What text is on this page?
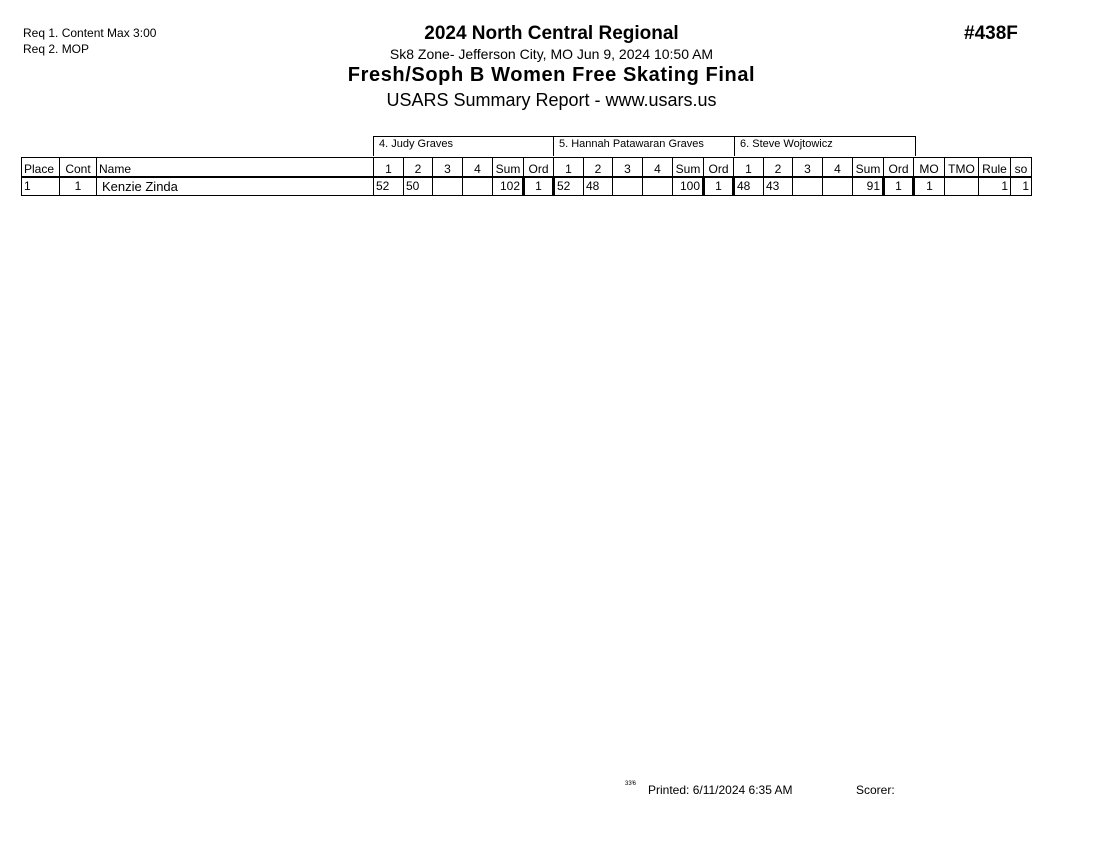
Req 1. Content Max 3:00
Req 2. MOP
2024 North Central Regional
Sk8 Zone- Jefferson City, MO Jun 9, 2024 10:50 AM
Fresh/Soph B Women Free Skating Final
USARS Summary Report - www.usars.us
#438F
4. Judy Graves	5. Hannah Patawaran Graves	6. Steve Wojtowicz
Place	Cont	Name	1	2	3	4	Sum	Ord	1	2	3	4	Sum	Ord	1	2	3	4	Sum	Ord	MO	TMO	Rule	so
1	1	Kenzie Zinda	52	50			102	1	52	48			100	1	48	43			91	1	1		1	1
33ˡ6 Printed: 6/11/2024 6:35 AM	Scorer:
